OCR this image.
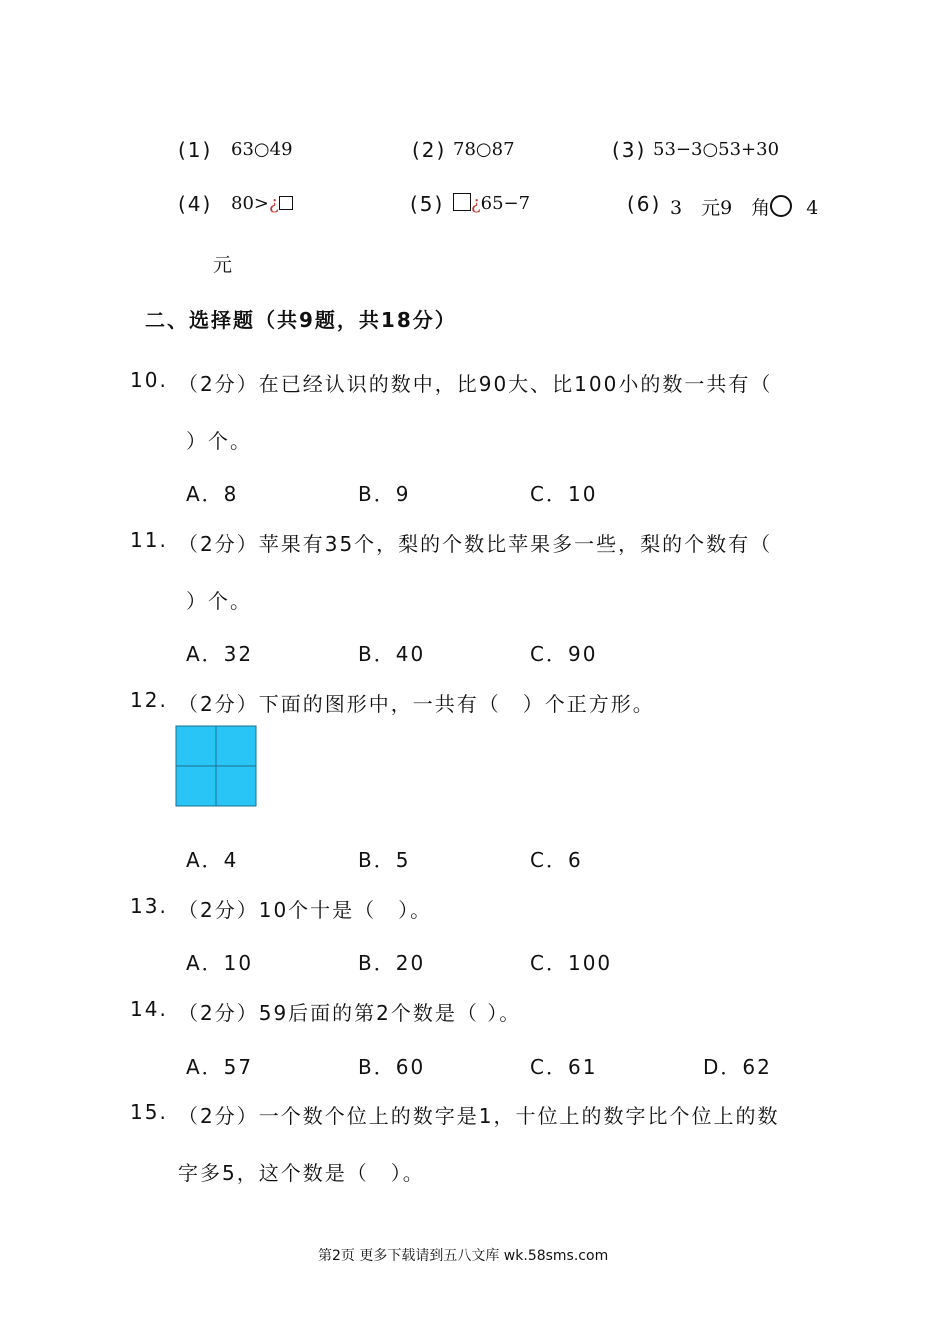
(1) 63○49	(2) 78○87	(3) 53−3○53+30
(4) 80>¿	(5)	¿65−7	(6) 3　元9　角 4
元
二、选择题（共9题，共18分）
10. （2分）在已经认识的数中，比90大、比100小的数一共有（
）个。
A．8	B．9	C．10
11. （2分）苹果有35个，梨的个数比苹果多一些，梨的个数有（
）个。
A．32	B．40	C．90
12. （2分）下面的图形中，一共有（　）个正方形。
A．4	B．5	C．6
13. （2分）10个十是（　）。
A．10	B．20	C．100
14. （2分）59后面的第2个数是（ ）。
A．57	B．60	C．61	D．62
15. （2分）一个数个位上的数字是1，十位上的数字比个位上的数
字多5，这个数是（　）。
第2页 更多下载请到五八文库 wk.58sms.com
